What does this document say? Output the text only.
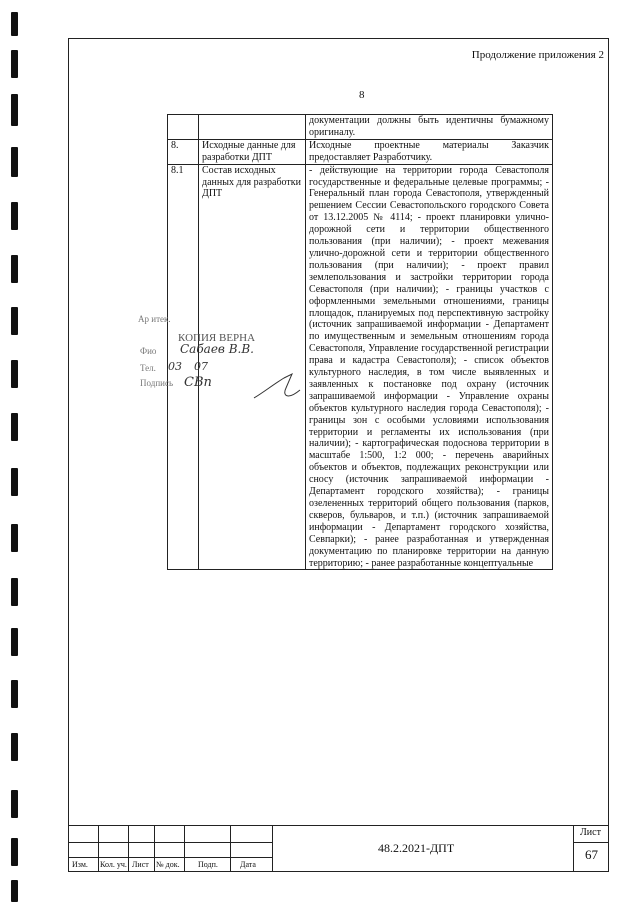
Продолжение приложения 2
8
		документации должны быть идентичны бумажному оригиналу.
8.	Исходные данные для разработки ДПТ	Исходные проектные материалы Заказчик предоставляет Разработчику.
8.1	Состав исходных данных для разработки ДПТ	- действующие на территории города Севастополя государственные и федеральные целевые программы; - Генеральный план города Севастополя, утвержденный решением Сессии Севастопольского городского Совета от 13.12.2005 № 4114; - проект планировки улично-дорожной сети и территории общественного пользования (при наличии); - проект межевания улично-дорожной сети и территории общественного пользования (при наличии); - проект правил землепользования и застройки территории города Севастополя (при наличии); - границы участков с оформленными земельными отношениями, границы площадок, планируемых под перспективную застройку (источник запрашиваемой информации - Департамент по имущественным и земельным отношениям города Севастополя, Управление государственной регистрации права и кадастра Севастополя); - список объектов культурного наследия, в том числе выявленных и заявленных к постановке под охрану (источник запрашиваемой информации - Управление охраны объектов культурного наследия города Севастополя); - границы зон с особыми условиями использования территории и регламенты их использования (при наличии); - картографическая подоснова территории в масштабе 1:500, 1:2 000; - перечень аварийных объектов и объектов, подлежащих реконструкции или сносу (источник запрашиваемой информации - Департамент городского хозяйства); - границы озелененных территорий общего пользования (парков, скверов, бульваров, и т.п.) (источник запрашиваемой информации - Департамент городского хозяйства, Севпарки); - ранее разработанная и утвержденная документацию по планировке территории на данную территорию; - ранее разработанные концептуальные
Ар итек.
КОПИЯ ВЕРНА
Фио
Тел.
Подпись
Сабаев В.В.
03 07
СВп
Изм. Кол. уч. Лист № док. Подп.	Дата
48.2.2021-ДПТ
Лист
67
